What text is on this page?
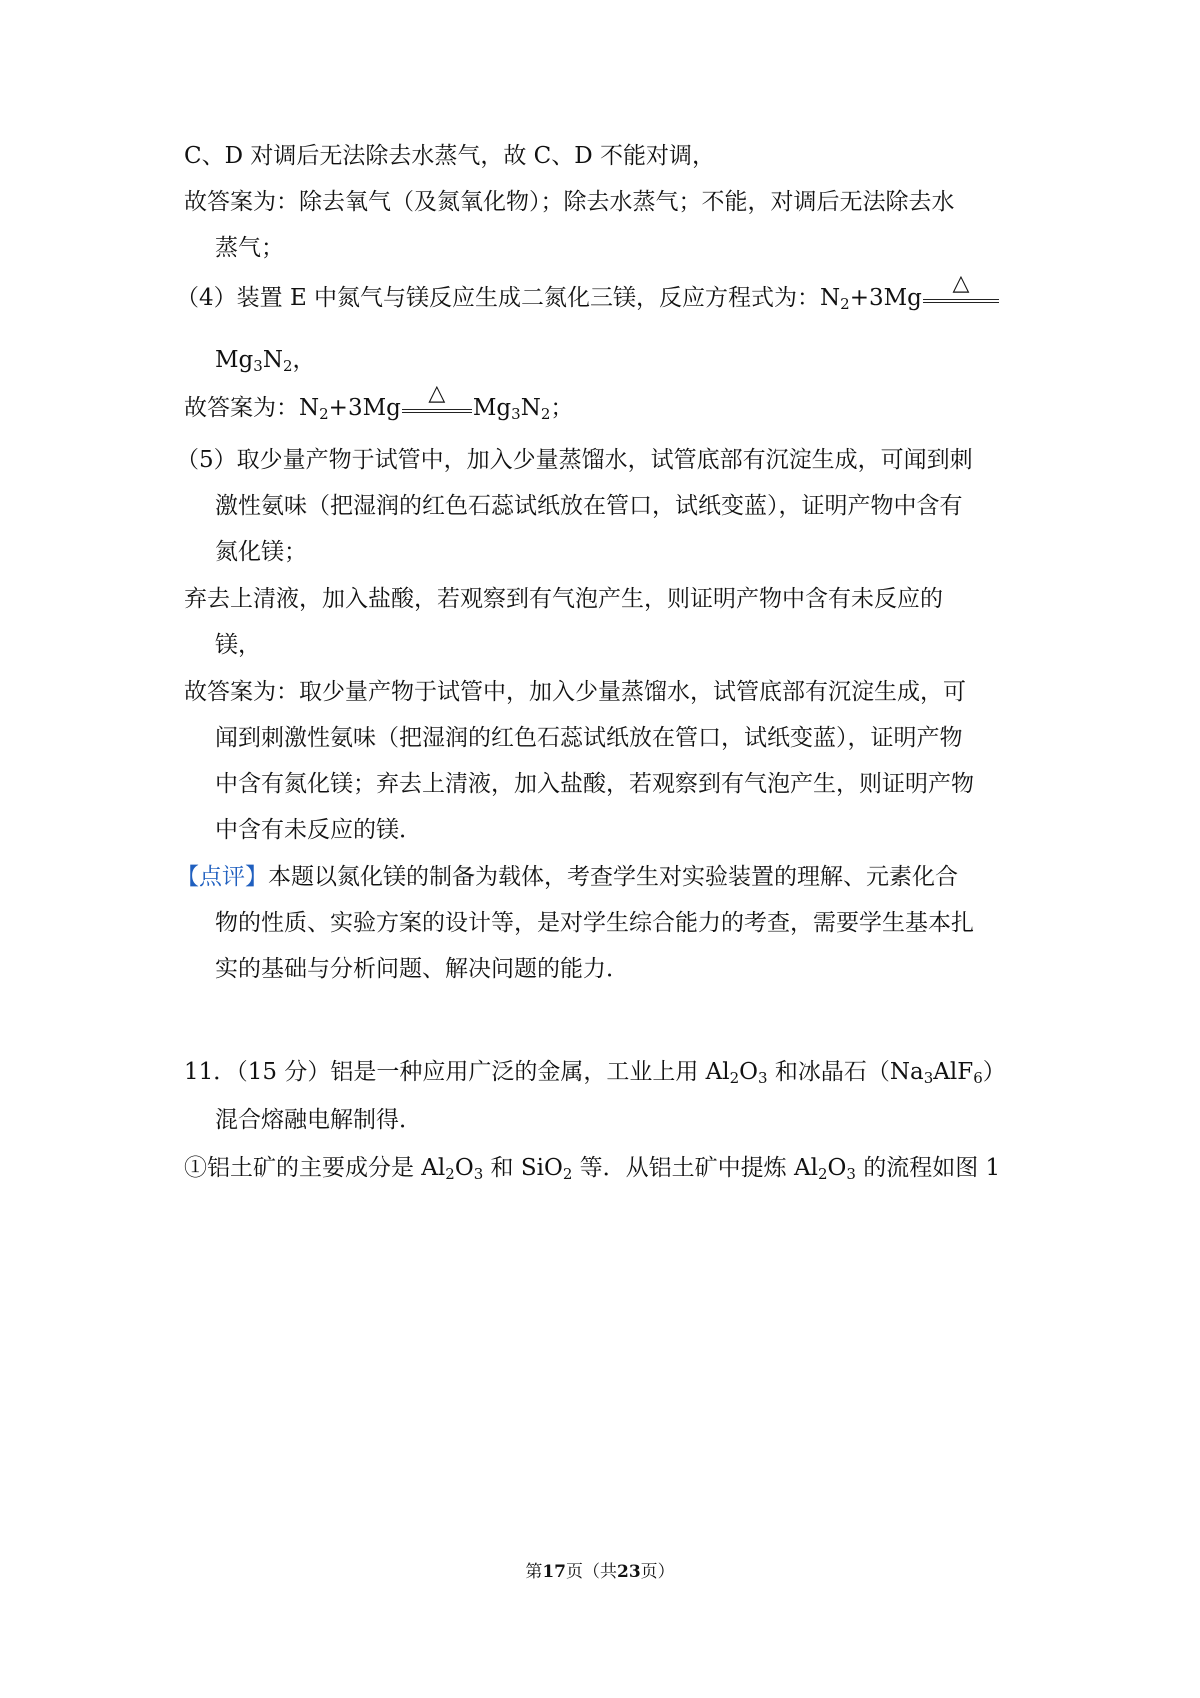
C、D 对调后无法除去水蒸气，故 C、D 不能对调，
故答案为：除去氧气（及氮氧化物）；除去水蒸气；不能，对调后无法除去水
蒸气；
（4）装置 E 中氮气与镁反应生成二氮化三镁，反应方程式为：$N_2+3Mg$
△
$Mg_3N_2$，
故答案为：$N_2+3Mg$
△
$Mg_3N_2$；
（5）取少量产物于试管中，加入少量蒸馏水，试管底部有沉淀生成，可闻到刺
激性氨味（把湿润的红色石蕊试纸放在管口，试纸变蓝），证明产物中含有
氮化镁；
弃去上清液，加入盐酸，若观察到有气泡产生，则证明产物中含有未反应的
镁，
故答案为：取少量产物于试管中，加入少量蒸馏水，试管底部有沉淀生成，可
闻到刺激性氨味（把湿润的红色石蕊试纸放在管口，试纸变蓝），证明产物
中含有氮化镁；弃去上清液，加入盐酸，若观察到有气泡产生，则证明产物
中含有未反应的镁．
【点评】本题以氮化镁的制备为载体，考查学生对实验装置的理解、元素化合
物的性质、实验方案的设计等，是对学生综合能力的考查，需要学生基本扎
实的基础与分析问题、解决问题的能力．
11．（15 分）铝是一种应用广泛的金属，工业上用 $Al_2O_3$ 和冰晶石$(Na_3AlF_6)$
混合熔融电解制得．
①铝土矿的主要成分是 $Al_2O_3$ 和 SiO$_2$ 等．从铝土矿中提炼 $Al_2O_3$ 的流程如图 1
第17页（共23页）
